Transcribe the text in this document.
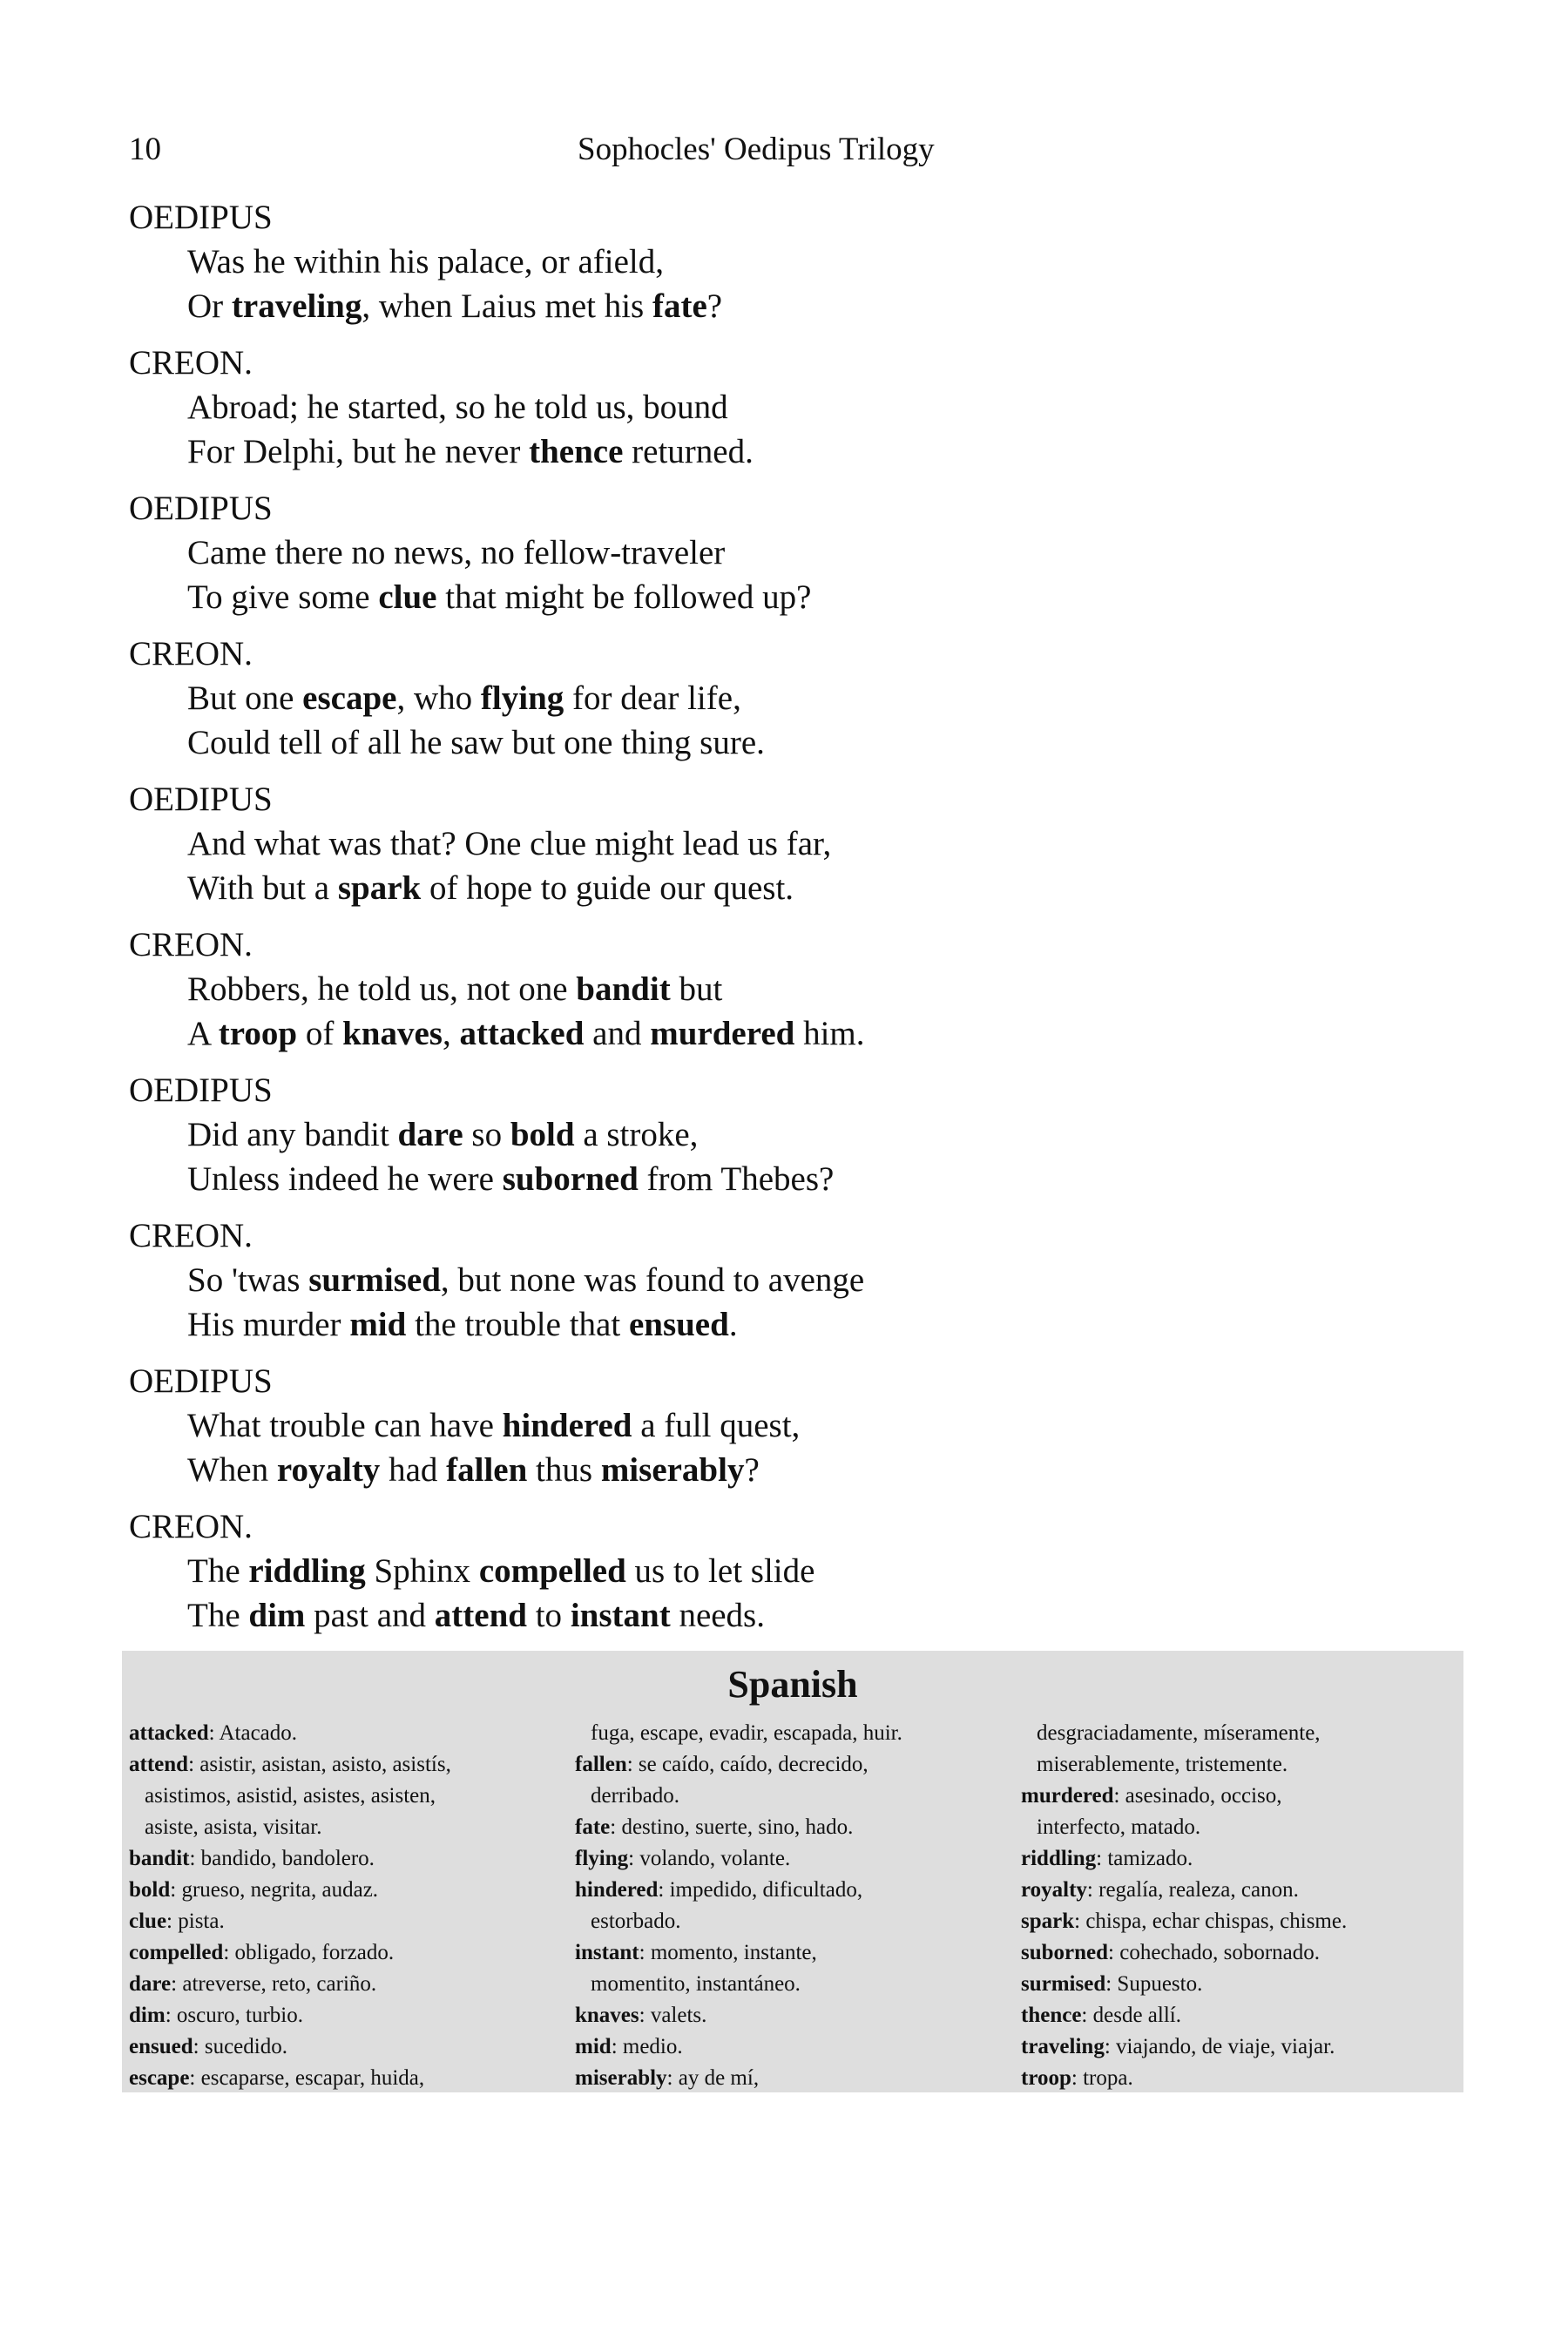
10	Sophocles' Oedipus Trilogy
OEDIPUS
Was he within his palace, or afield,
Or traveling, when Laius met his fate?
CREON.
Abroad; he started, so he told us, bound
For Delphi, but he never thence returned.
OEDIPUS
Came there no news, no fellow-traveler
To give some clue that might be followed up?
CREON.
But one escape, who flying for dear life,
Could tell of all he saw but one thing sure.
OEDIPUS
And what was that? One clue might lead us far,
With but a spark of hope to guide our quest.
CREON.
Robbers, he told us, not one bandit but
A troop of knaves, attacked and murdered him.
OEDIPUS
Did any bandit dare so bold a stroke,
Unless indeed he were suborned from Thebes?
CREON.
So 'twas surmised, but none was found to avenge
His murder mid the trouble that ensued.
OEDIPUS
What trouble can have hindered a full quest,
When royalty had fallen thus miserably?
CREON.
The riddling Sphinx compelled us to let slide
The dim past and attend to instant needs.
Spanish
attacked: Atacado.
attend: asistir, asistan, asisto, asistís,
asistimos, asistid, asistes, asisten,
asiste, asista, visitar.
bandit: bandido, bandolero.
bold: grueso, negrita, audaz.
clue: pista.
compelled: obligado, forzado.
dare: atreverse, reto, cariño.
dim: oscuro, turbio.
ensued: sucedido.
escape: escaparse, escapar, huida,
fuga, escape, evadir, escapada, huir.
fallen: se caído, caído, decrecido,
derribado.
fate: destino, suerte, sino, hado.
flying: volando, volante.
hindered: impedido, dificultado,
estorbado.
instant: momento, instante,
momentito, instantáneo.
knaves: valets.
mid: medio.
miserably: ay de mí,
desgraciadamente, míseramente,
miserablemente, tristemente.
murdered: asesinado, occiso,
interfecto, matado.
riddling: tamizado.
royalty: regalía, realeza, canon.
spark: chispa, echar chispas, chisme.
suborned: cohechado, sobornado.
surmised: Supuesto.
thence: desde allí.
traveling: viajando, de viaje, viajar.
troop: tropa.
